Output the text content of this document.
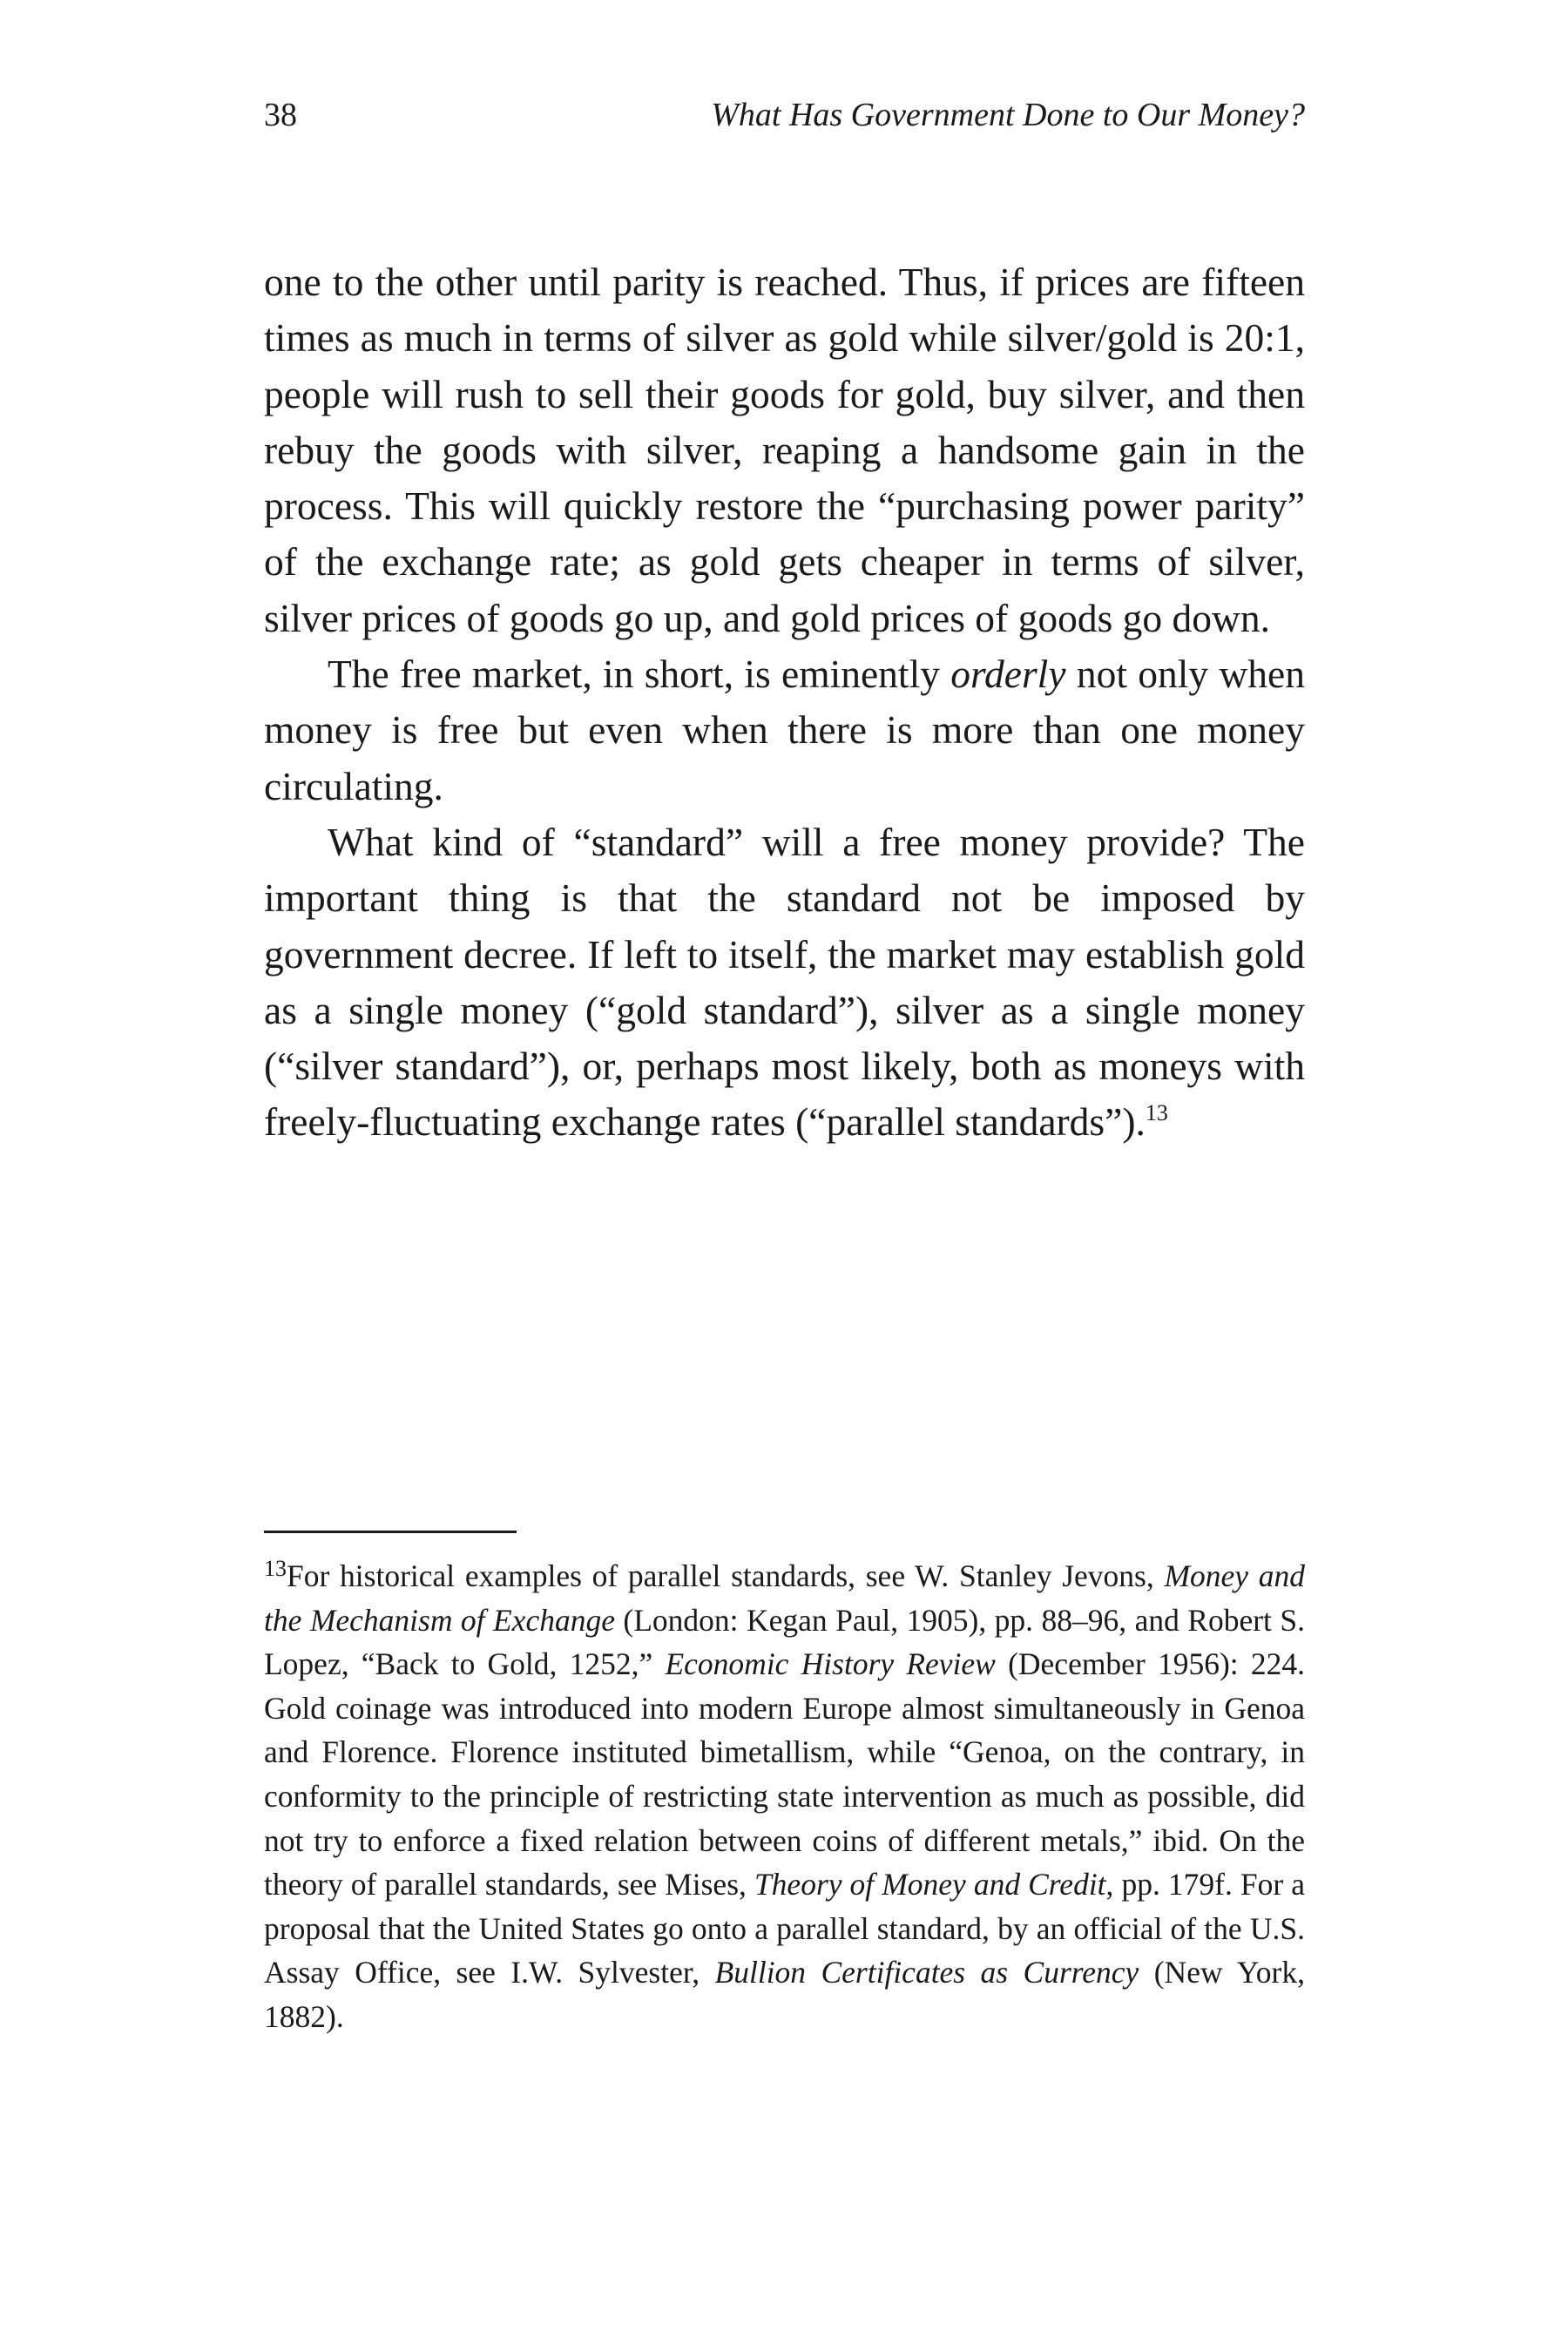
38	What Has Government Done to Our Money?

one to the other until parity is reached. Thus, if prices are fifteen times as much in terms of silver as gold while silver/gold is 20:1, people will rush to sell their goods for gold, buy silver, and then rebuy the goods with silver, reaping a handsome gain in the process. This will quickly restore the “purchasing power parity” of the exchange rate; as gold gets cheaper in terms of silver, silver prices of goods go up, and gold prices of goods go down.

The free market, in short, is eminently orderly not only when money is free but even when there is more than one money circulating.

What kind of “standard” will a free money provide? The important thing is that the standard not be imposed by government decree. If left to itself, the market may establish gold as a single money (“gold standard”), silver as a single money (“silver standard”), or, perhaps most likely, both as moneys with freely-fluctuating exchange rates (“parallel standards”).$^{13}$

$^{13}$For historical examples of parallel standards, see W. Stanley Jevons, Money and the Mechanism of Exchange (London: Kegan Paul, 1905), pp. 88–96, and Robert S. Lopez, “Back to Gold, 1252,” Economic History Review (December 1956): 224. Gold coinage was introduced into modern Europe almost simultaneously in Genoa and Florence. Florence instituted bimetallism, while “Genoa, on the contrary, in conformity to the principle of restricting state intervention as much as possible, did not try to enforce a fixed relation between coins of different metals,” ibid. On the theory of parallel standards, see Mises, Theory of Money and Credit, pp. 179f. For a proposal that the United States go onto a parallel standard, by an official of the U.S. Assay Office, see I.W. Sylvester, Bullion Certificates as Currency (New York, 1882).
